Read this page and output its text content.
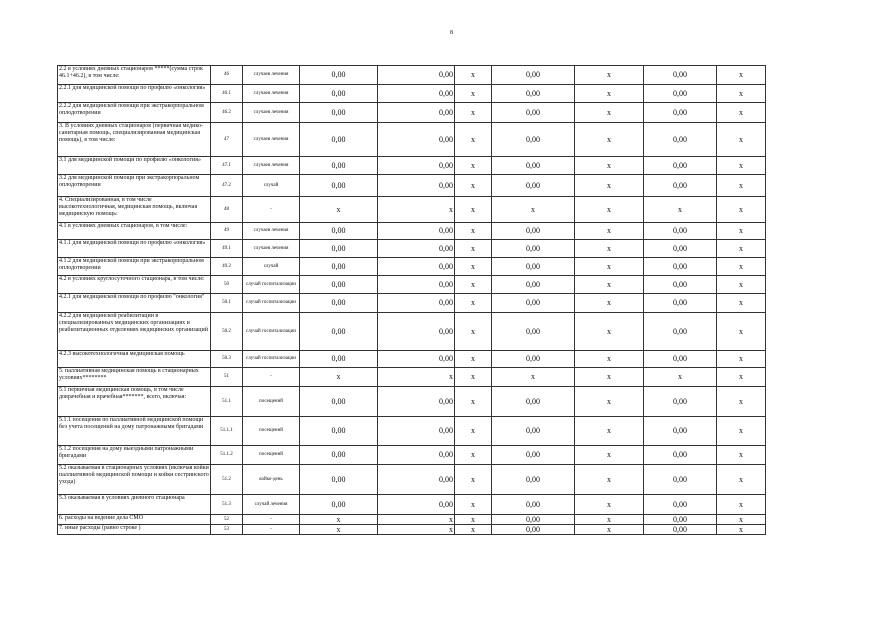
8
2.2 в условиях дневных стационаров *****(сумма строк 46.1+46.2), в том числе:	46	случаев лечения	0,00	0,00	х	0,00	х	0,00	х
2.2.1 для медицинской помощи по профилю «онкология»	46.1	случаев лечения	0,00	0,00	х	0,00	х	0,00	х
2.2.2 для медицинской помощи при экстракорпоральном оплодотворении	46.2	случаев лечения	0,00	0,00	х	0,00	х	0,00	х
3. В условиях дневных стационаров (первичная медико-санитарная помощь, специализированная медицинская помощь), в том числе:	47	случаев лечения	0,00	0,00	х	0,00	х	0,00	х
3.1 для медицинской помощи по профилю «онкология»	47.1	случаев лечения	0,00	0,00	х	0,00	х	0,00	х
3.2 для медицинской помощи при экстракорпоральном оплодотворении	47.2	случай	0,00	0,00	х	0,00	х	0,00	х
4. Специализированная, в том числе высокотехнологичная, медицинская помощь, включая медицинскую помощь:	48	-	х	х	х	х	х	х	х
4.1 в условиях дневных стационаров, в том числе:	49	случаев лечения	0,00	0,00	х	0,00	х	0,00	х
4.1.1 для медицинской помощи по профилю «онкология»	49.1	случаев лечения	0,00	0,00	х	0,00	х	0,00	х
4.1.2 для медицинской помощи при экстракорпоральном оплодотворении	49.2	случай	0,00	0,00	х	0,00	х	0,00	х
4.2 в условиях круглосуточного стационара, в том числе:	50	случай госпитализации	0,00	0,00	х	0,00	х	0,00	х
4.2.1 для медицинской помощи по профилю "онкология"	50.1	случай госпитализации	0,00	0,00	х	0,00	х	0,00	х
4.2.2 для медицинской реабилитации в специализированных медицинских организациях и реабилитационных отделениях медицинских организаций	50.2	случай госпитализации	0,00	0,00	х	0,00	х	0,00	х
4.2.3 высокотехнологичная медицинская помощь	50.3	случай госпитализации	0,00	0,00	х	0,00	х	0,00	х
5. паллиативная медицинская помощь в стационарных условиях********	51	-	х	х	х	х	х	х	х
5.1 первичная медицинская помощь, в том числе доврачебная и врачебная*******, всего, включая:	51.1	посещений	0,00	0,00	х	0,00	х	0,00	х
5.1.1 посещения по паллиативной медицинской помощи без учета посещений на дому патронажными бригадами	51.1.1	посещений	0,00	0,00	х	0,00	х	0,00	х
5.1.2 посещения на дому выездными патронажными бригадами	51.1.2	посещений	0,00	0,00	х	0,00	х	0,00	х
5.2 оказываемая в стационарных условиях (включая койки паллиативной медицинской помощи и койки сестринского ухода)	51.2	койко-день	0,00	0,00	х	0,00	х	0,00	х
5.3 оказываемая в условиях дневного стационара	51.3	случай лечения	0,00	0,00	х	0,00	х	0,00	х
6. расходы на ведение дела СМО	52	-	х	х	х	0,00	х	0,00	х
7. иные расходы (равно строке )	53	-	х	х	х	0,00	х	0,00	х
